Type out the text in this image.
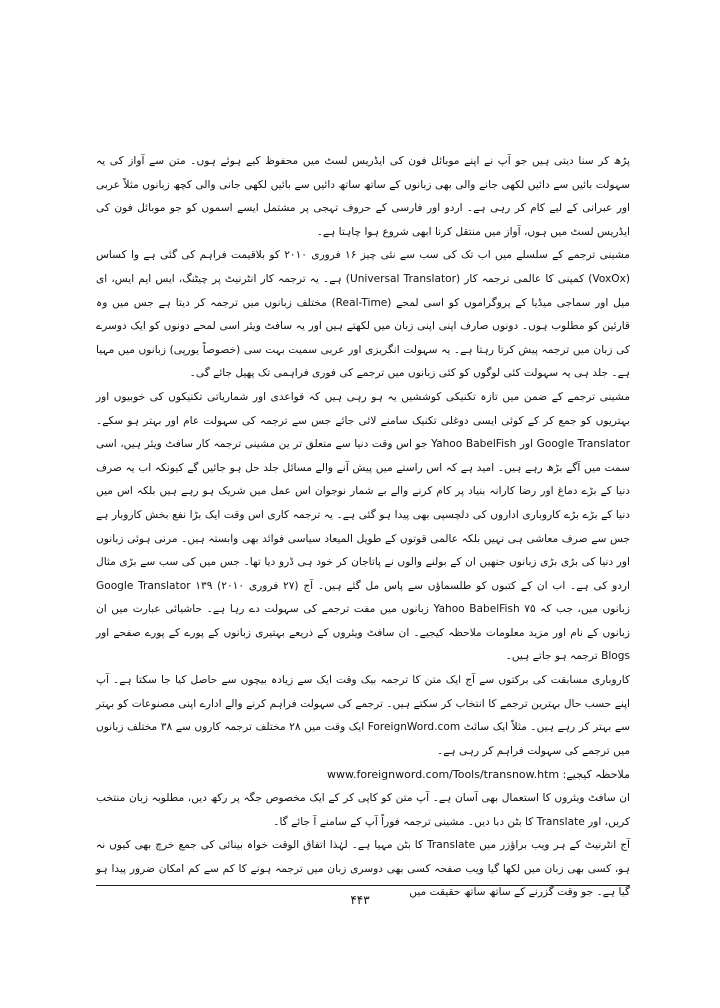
پڑھ کر سنا دیتی ہیں جو آپ نے اپنے موبائل فون کی ایڈریس لسٹ میں محفوظ کیے ہوئے ہوں۔ متن سے آواز کی یہ سہولت بائیں سے دائیں لکھی جانے والی بھی زبانوں کے ساتھ ساتھ دائیں سے بائیں لکھی جانی والی کچھ زبانوں مثلاً عربی اور عبرانی کے لیے کام کر رہی ہے۔ اردو اور فارسی کے حروف تہجی پر مشتمل ایسے اسموں کو جو موبائل فون کی ایڈریس لسٹ میں ہوں، آواز میں منتقل کرنا ابھی شروع ہوا چاہتا ہے۔

مشینی ترجمے کے سلسلے میں اب تک کی سب سے نئی چیز ۱۶ فروری ۲۰۱۰ کو بلاقیمت فراہم کی گئی ہے وا کساس (VoxOx) کمپنی کا عالمی ترجمہ کار (Universal Translator) ہے۔ یہ ترجمہ کار انٹرنیٹ پر چیٹنگ، ایس ایم ایس، ای میل اور سماجی میڈیا کے پروگراموں کو اسی لمحے (Real-Time) مختلف زبانوں میں ترجمہ کر دیتا ہے جس میں وہ قارئین کو مطلوب ہوں۔ دونوں صارف اپنی اپنی زبان میں لکھتے ہیں اور یہ سافٹ ویئر اسی لمحے دونوں کو ایک دوسرے کی زبان میں ترجمہ پیش کرتا رہتا ہے۔ یہ سہولت انگریزی اور عربی سمیت بہت سی (خصوصاً یورپی) زبانوں میں مہیا ہے۔ جلد ہی یہ سہولت کئی لوگوں کو کئی زبانوں میں ترجمے کی فوری فراہمی تک پھیل جائے گی۔

مشینی ترجمے کے ضمن میں تازہ تکنیکی کوششیں یہ ہو رہی ہیں کہ قواعدی اور شماریاتی تکنیکوں کی خوبیوں اور بہتریوں کو جمع کر کے کوئی ایسی دوغلی تکنیک سامنے لائی جائے جس سے ترجمہ کی سہولت عام اور بہتر ہو سکے۔ Google Translator اور Yahoo BabelFish جو اس وقت دنیا سے متعلق تر ین مشینی ترجمہ کار سافٹ ویئر ہیں، اسی سمت میں آگے بڑھ رہے ہیں۔ امید ہے کہ اس راستے میں پیش آنے والے مسائل جلد حل ہو جائیں گے کیونکہ اب یہ صرف دنیا کے بڑے دماغ اور رضا کارانہ بنیاد پر کام کرنے والے بے شمار نوجوان اس عمل میں شریک ہو رہے ہیں بلکہ اس میں دنیا کے بڑے بڑے کاروباری اداروں کی دلچسپی بھی پیدا ہو گئی ہے۔ یہ ترجمہ کاری اس وقت ایک بڑا نفع بخش کاروبار ہے جس سے صرف معاشی ہی نہیں بلکہ عالمی قوتوں کے طویل المیعاد سیاسی فوائد بھی وابستہ ہیں۔ مرنی ہوئی زبانوں اور دنیا کی بڑی بڑی زبانوں جنھیں ان کے بولنے والوں نے پاتاجان کر خود ہی ڈرو دیا تھا۔ جس میں کی سب سے بڑی مثال اردو کی ہے۔ اب ان کے کتبوں کو طلسماؤں سے پاس مل گئے ہیں۔ آج (۲۷ فروری ۲۰۱۰) Google Translator ۱۳۹ زبانوں میں، جب کہ Yahoo BabelFish ۷۵ زبانوں میں مفت ترجمے کی سہولت دے رہا ہے۔ حاشیائی عبارت میں ان زبانوں کے نام اور مزید معلومات ملاحظہ کیجیے۔ ان سافٹ ویئروں کے ذریعے بہتیری زبانوں کے پورے کے پورے صفحے اور Blogs ترجمہ ہو جاتے ہیں۔

کاروباری مسابقت کی برکتوں سے آج ایک متن کا ترجمہ بیک وقت ایک سے زیادہ بیچوں سے حاصل کیا جا سکتا ہے۔ آپ اپنے حسب حال بہترین ترجمے کا انتخاب کر سکتے ہیں۔ ترجمے کی سہولت فراہم کرنے والے ادارے اپنی مصنوعات کو بہتر سے بہتر کر رہے ہیں۔ مثلاً ایک سائٹ ForeignWord.com ایک وقت میں ۲۸ مختلف ترجمہ کاروں سے ۳۸ مختلف زبانوں میں ترجمے کی سہولت فراہم کر رہی ہے۔

www.foreignword.com/Tools/transnow.htm ملاحظہ کیجیے:

ان سافٹ ویئروں کا استعمال بھی آسان ہے۔ آپ متن کو کاپی کر کے ایک مخصوص جگہ پر رکھ دیں، مطلوبہ زبان منتخب کریں، اور Translate کا بٹن دبا دیں۔ مشینی ترجمہ فوراً آپ کے سامنے آ جائے گا۔

آج انٹرنیٹ کے ہر ویب براؤزر میں Translate کا بٹن مہیا ہے۔ لہٰذا اتفاق الوقت خواہ بینائی کی جمع خرچ بھی کیوں نہ ہو، کسی بھی زبان میں لکھا گیا ویب صفحہ کسی بھی دوسری زبان میں ترجمہ ہونے کا کم سے کم امکان ضرور پیدا ہو گیا ہے۔ جو وقت گزرنے کے ساتھ ساتھ حقیقت میں

۴۴۳
